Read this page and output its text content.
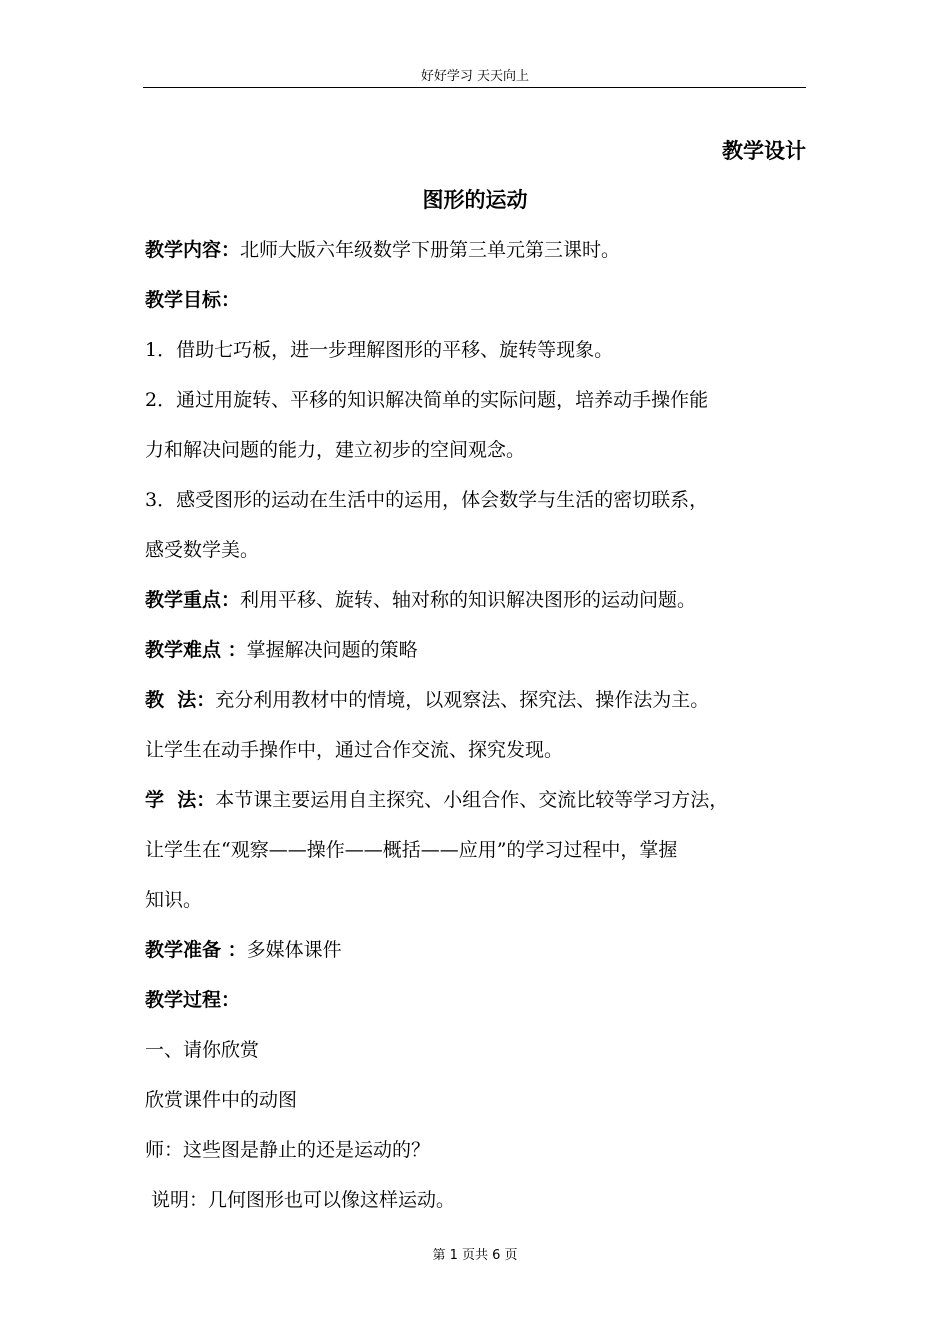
好好学习 天天向上
教学设计
图形的运动
教学内容：北师大版六年级数学下册第三单元第三课时。
教学目标：
1．借助七巧板，进一步理解图形的平移、旋转等现象。
2．通过用旋转、平移的知识解决简单的实际问题，培养动手操作能
力和解决问题的能力，建立初步的空间观念。
3．感受图形的运动在生活中的运用，体会数学与生活的密切联系，
感受数学美。
教学重点：利用平移、旋转、轴对称的知识解决图形的运动问题。
教学难点 ：掌握解决问题的策略
教  法：充分利用教材中的情境，以观察法、探究法、操作法为主。
让学生在动手操作中，通过合作交流、探究发现。
学  法：本节课主要运用自主探究、小组合作、交流比较等学习方法，
让学生在“观察——操作——概括——应用”的学习过程中，掌握
知识。
教学准备 ：多媒体课件
教学过程：
一、请你欣赏
欣赏课件中的动图
师：这些图是静止的还是运动的？
说明：几何图形也可以像这样运动。
第 1 页共 6 页
